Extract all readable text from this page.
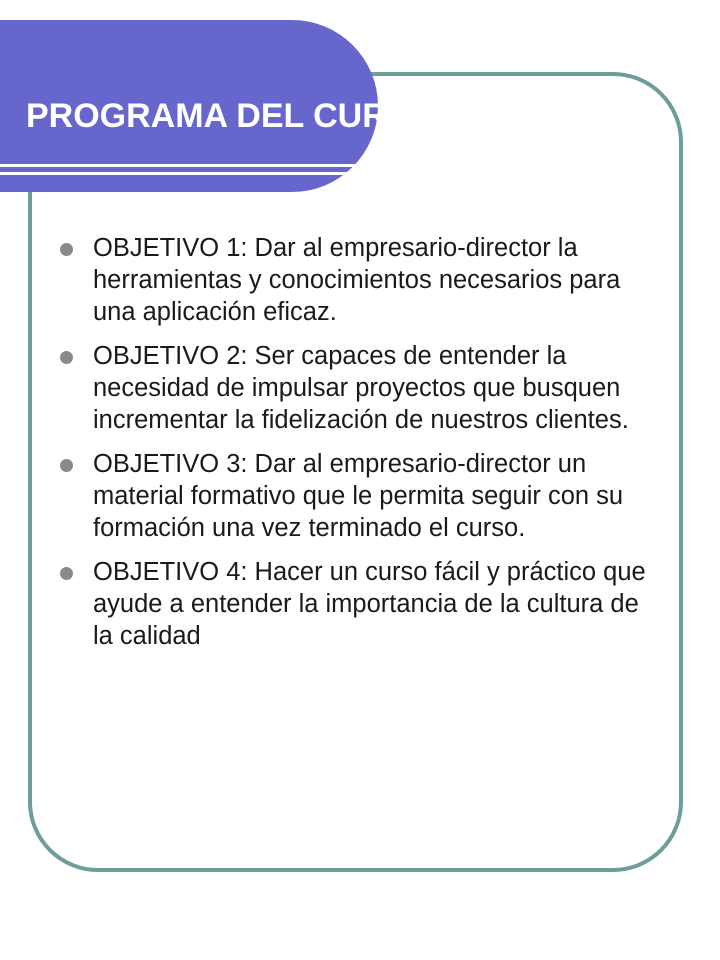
PROGRAMA DEL CURSO
OBJETIVO 1: Dar al empresario-director la herramientas y conocimientos necesarios para una aplicación eficaz.
OBJETIVO 2: Ser capaces de entender la necesidad de impulsar proyectos que busquen incrementar la fidelización de nuestros clientes.
OBJETIVO 3: Dar al empresario-director un material formativo que le permita seguir con su formación una vez terminado el curso.
OBJETIVO 4: Hacer un curso fácil y práctico que ayude a entender la importancia de la cultura de la calidad
